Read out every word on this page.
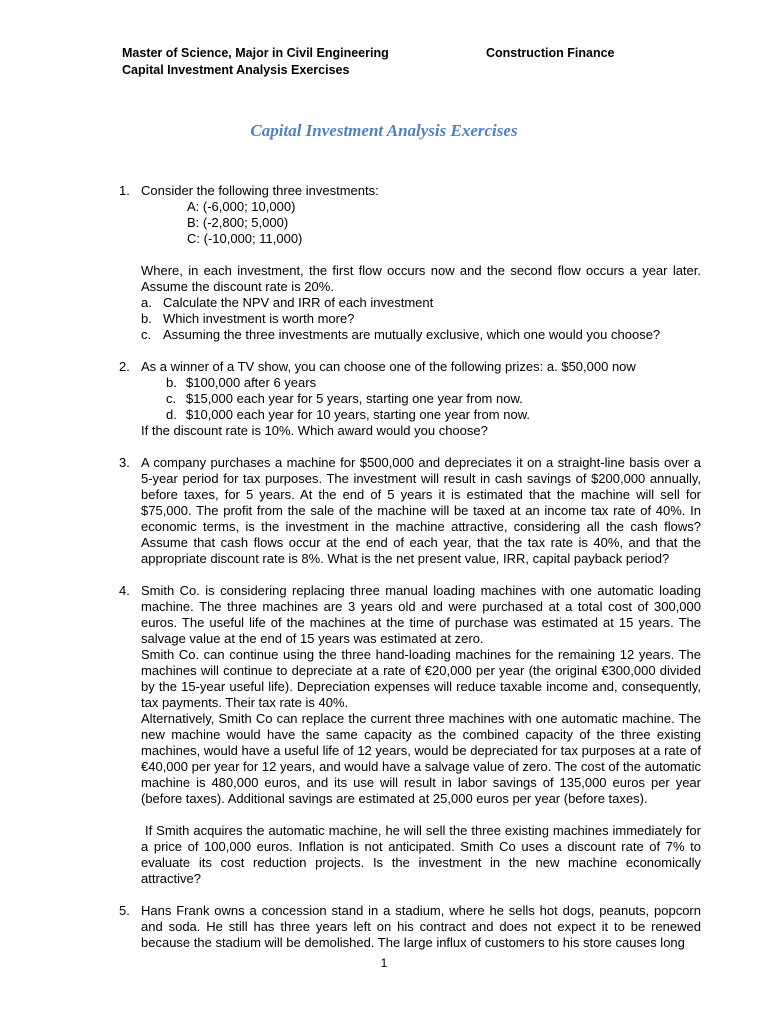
Master of Science, Major in Civil Engineering
Capital Investment Analysis Exercises
Construction Finance
Capital Investment Analysis Exercises
1. Consider the following three investments:
A: (-6,000; 10,000)
B: (-2,800; 5,000)
C: (-10,000; 11,000)

Where, in each investment, the first flow occurs now and the second flow occurs a year later. Assume the discount rate is 20%.

a. Calculate the NPV and IRR of each investment
b. Which investment is worth more?
c. Assuming the three investments are mutually exclusive, which one would you choose?
2. As a winner of a TV show, you can choose one of the following prizes: a. $50,000 now
b. $100,000 after 6 years
c. $15,000 each year for 5 years, starting one year from now.
d. $10,000 each year for 10 years, starting one year from now.
If the discount rate is 10%. Which award would you choose?
3. A company purchases a machine for $500,000 and depreciates it on a straight-line basis over a 5-year period for tax purposes. The investment will result in cash savings of $200,000 annually, before taxes, for 5 years. At the end of 5 years it is estimated that the machine will sell for $75,000. The profit from the sale of the machine will be taxed at an income tax rate of 40%. In economic terms, is the investment in the machine attractive, considering all the cash flows? Assume that cash flows occur at the end of each year, that the tax rate is 40%, and that the appropriate discount rate is 8%. What is the net present value, IRR, capital payback period?

4. Smith Co. is considering replacing three manual loading machines with one automatic loading machine. The three machines are 3 years old and were purchased at a total cost of 300,000 euros. The useful life of the machines at the time of purchase was estimated at 15 years. The salvage value at the end of 15 years was estimated at zero.

Smith Co. can continue using the three hand-loading machines for the remaining 12 years. The machines will continue to depreciate at a rate of €20,000 per year (the original €300,000 divided by the 15-year useful life). Depreciation expenses will reduce taxable income and, consequently, tax payments. Their tax rate is 40%.

Alternatively, Smith Co can replace the current three machines with one automatic machine. The new machine would have the same capacity as the combined capacity of the three existing machines, would have a useful life of 12 years, would be depreciated for tax purposes at a rate of €40,000 per year for 12 years, and would have a salvage value of zero. The cost of the automatic machine is 480,000 euros, and its use will result in labor savings of 135,000 euros per year (before taxes). Additional savings are estimated at 25,000 euros per year (before taxes).

If Smith acquires the automatic machine, he will sell the three existing machines immediately for a price of 100,000 euros. Inflation is not anticipated. Smith Co uses a discount rate of 7% to evaluate its cost reduction projects. Is the investment in the new machine economically attractive?

5. Hans Frank owns a concession stand in a stadium, where he sells hot dogs, peanuts, popcorn and soda. He still has three years left on his contract and does not expect it to be renewed because the stadium will be demolished. The large influx of customers to his store causes long

1
